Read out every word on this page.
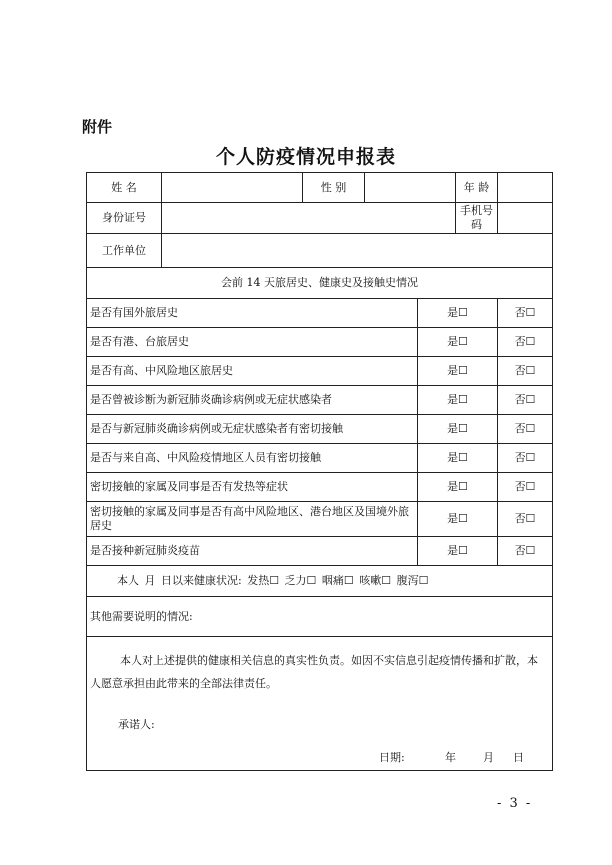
附件
个人防疫情况申报表
姓 名		性 别			年 龄	
身份证号					手机号码	
工作单位						
会前 14 天旅居史、健康史及接触史情况						
是否有国外旅居史				是☐		否☐
是否有港、台旅居史				是☐		否☐
是否有高、中风险地区旅居史				是☐		否☐
是否曾被诊断为新冠肺炎确诊病例或无症状感染者				是☐		否☐
是否与新冠肺炎确诊病例或无症状感染者有密切接触				是☐		否☐
是否与来自高、中风险疫情地区人员有密切接触				是☐		否☐
密切接触的家属及同事是否有发热等症状				是☐		否☐
密切接触的家属及同事是否有高中风险地区、港台地区及国境外旅居史				是☐		否☐
是否接种新冠肺炎疫苗				是☐		否☐
本人 月 日以来健康状况: 发热☐ 乏力☐ 咽痛☐ 咳嗽☐ 腹泻☐						
其他需要说明的情况:						

本人对上述提供的健康相关信息的真实性负责。如因不实信息引起疫情传播和扩散，本人愿意承担由此带来的全部法律责任。
承诺人:
日期: 年 月 日						
- 3 -
